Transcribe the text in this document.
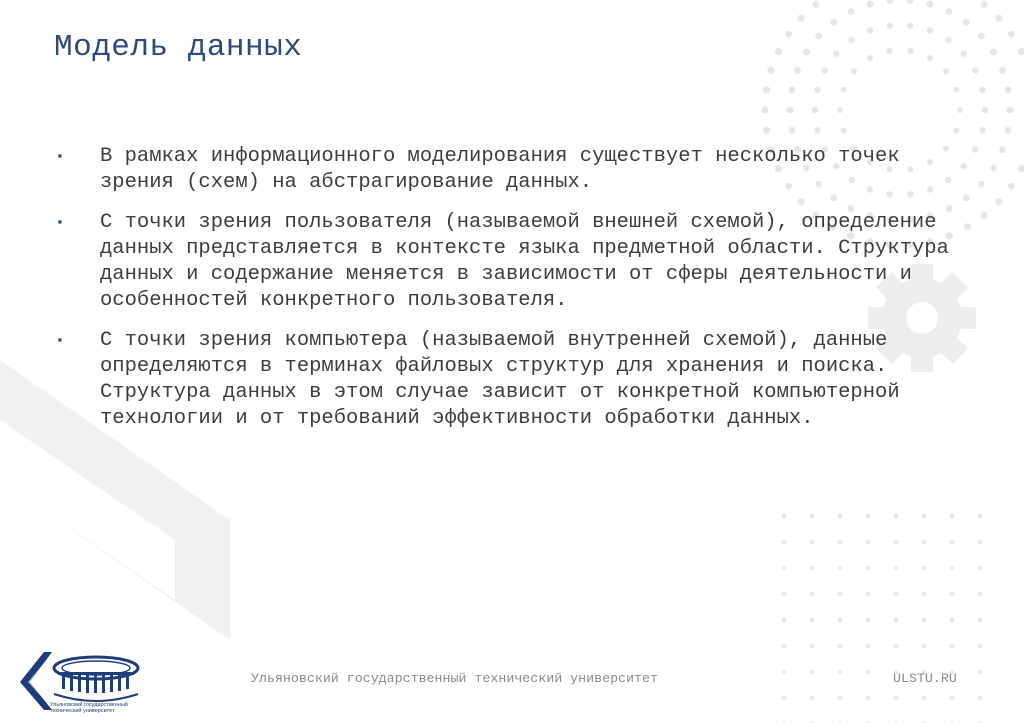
Модель данных
▪	В рамках информационного моделирования существует несколько точек зрения (схем) на абстрагирование данных.
▪	С точки зрения пользователя (называемой внешней схемой), определение данных представляется в контексте языка предметной области. Структура данных и содержание меняется в зависимости от сферы деятельности и особенностей конкретного пользователя.
▪	С точки зрения компьютера (называемой внутренней схемой), данные определяются в терминах файловых структур для хранения и поиска. Структура данных в этом случае зависит от конкретной компьютерной технологии и от требований эффективности обработки данных.
Ульяновский государственный технический университет
Ульяновский государственный технический университет	ULSTU.RU
